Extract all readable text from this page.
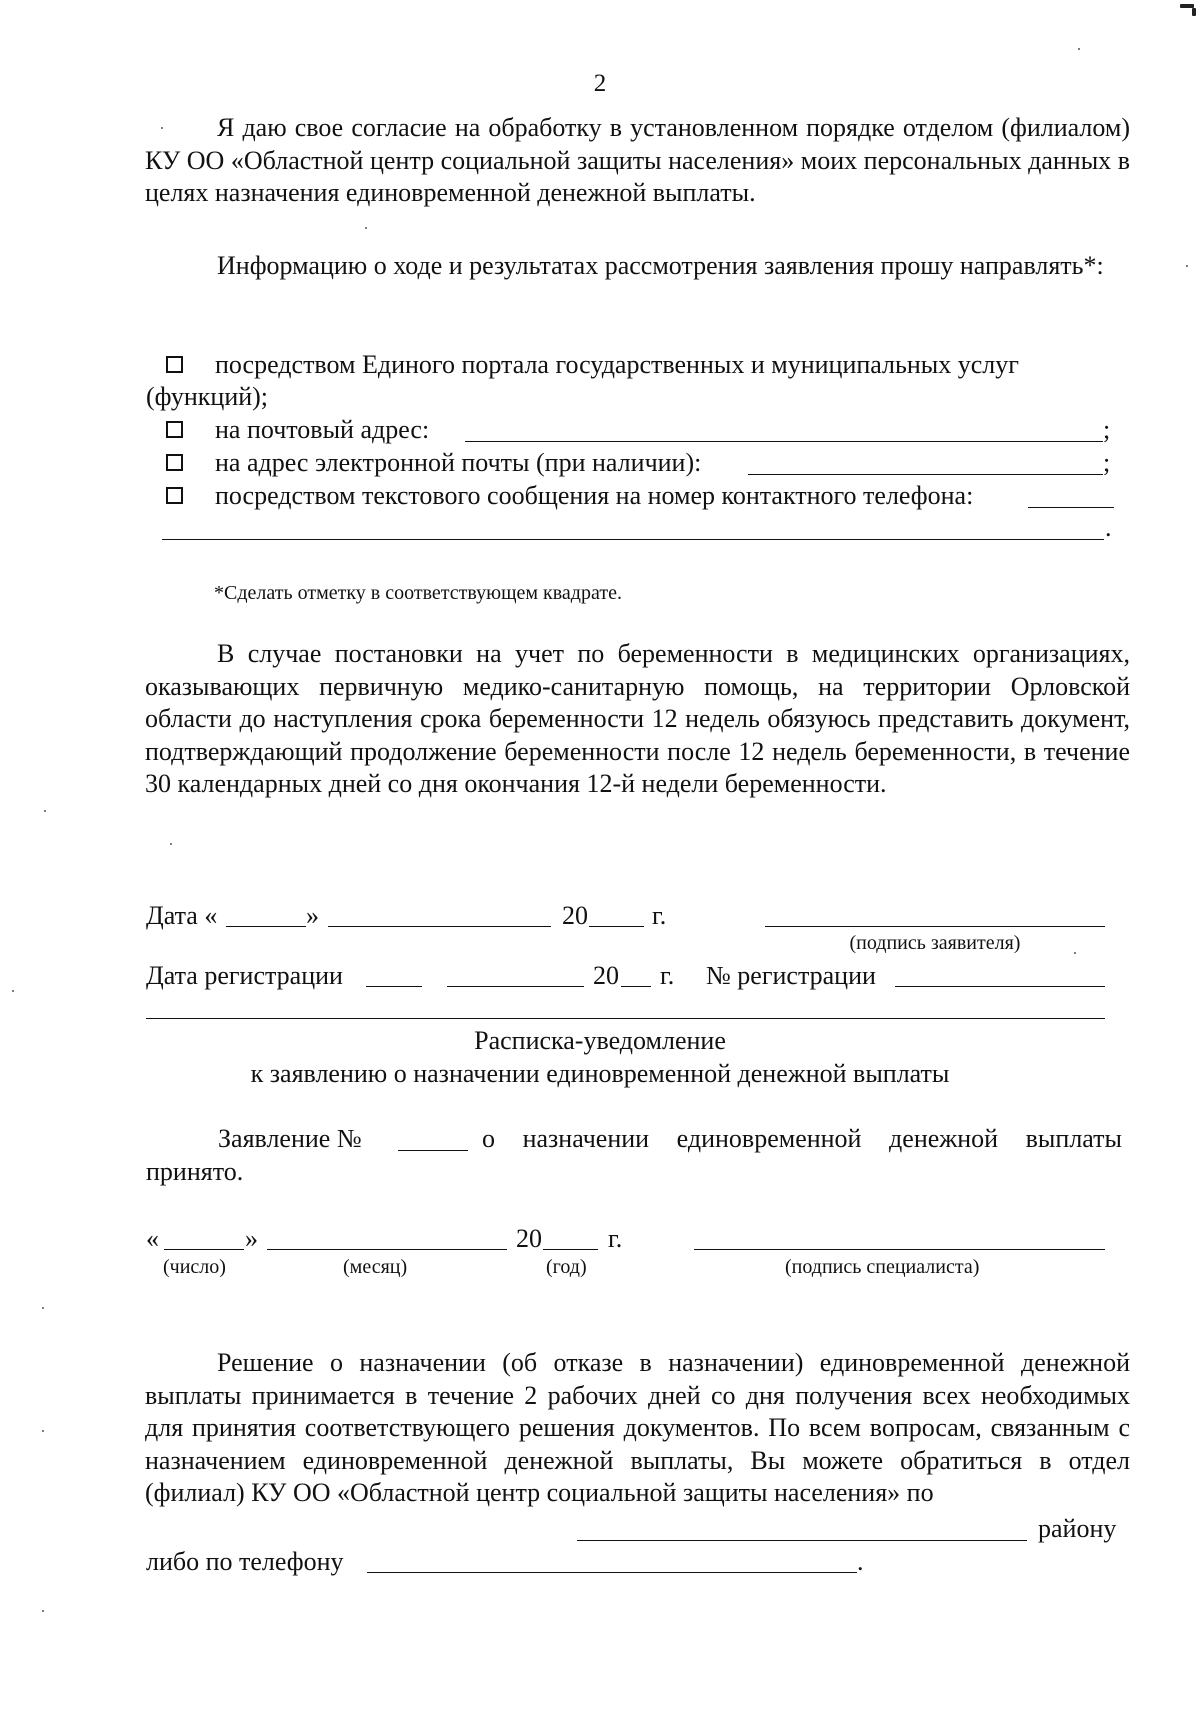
2
Я даю свое согласие на обработку в установленном порядке отделом (филиалом) КУ ОО «Областной центр социальной защиты населения» моих персональных данных в целях назначения единовременной денежной выплаты.
Информацию о ходе и результатах рассмотрения заявления прошу направлять*:
посредством Единого портала государственных и муниципальных услуг
(функций);
на почтовый адрес:	;
на адрес электронной почты (при наличии):	;
посредством текстового сообщения на номер контактного телефона:
.
*Сделать отметку в соответствующем квадрате.
В случае постановки на учет по беременности в медицинских организациях, оказывающих первичную медико-санитарную помощь, на территории Орловской области до наступления срока беременности 12 недель обязуюсь представить документ, подтверждающий продолжение беременности после 12 недель беременности, в течение 30 календарных дней со дня окончания 12-й недели беременности.
Дата «	»	20 г.
(подпись заявителя)
Дата регистрации	20 г. № регистрации
Расписка-уведомление
к заявлению о назначении единовременной денежной выплаты
Заявление №	о назначении единовременной денежной выплаты
принято.
«	»	20	г.
(число)	(месяц)	(год)	(подпись специалиста)
Решение о назначении (об отказе в назначении) единовременной денежной выплаты принимается в течение 2 рабочих дней со дня получения всех необходимых для принятия соответствующего решения документов. По всем вопросам, связанным с назначением единовременной денежной выплаты, Вы можете обратиться в отдел (филиал) КУ ОО «Областной центр социальной защиты населения» по
району
либо по телефону	.
